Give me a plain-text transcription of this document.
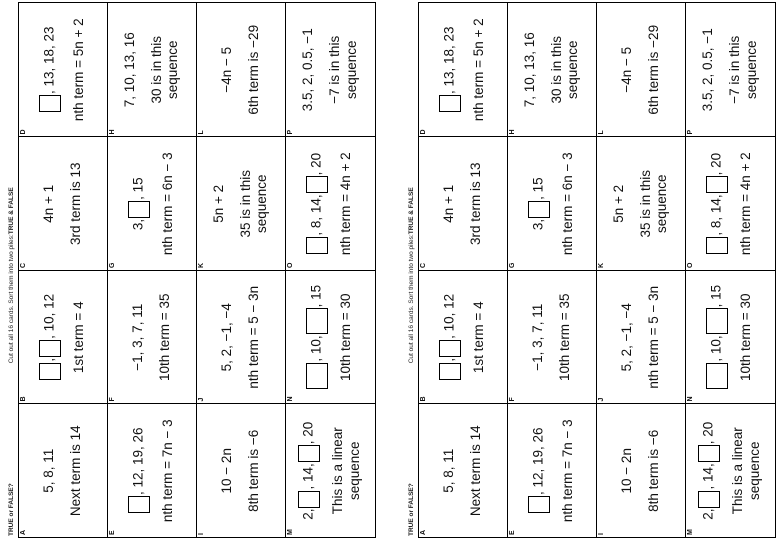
TRUE or FALSE?
Cut out all 16 cards. Sort them into two piles:
TRUE & FALSE
A
5, 8, 11 Next term is 14
B
,, 10, 12	1st term = 4
C
4n + 1 3rd term is 13
D
, 13, 18, 23	nth term = 5n + 2
E
, 12, 19, 26	nth term = 7n − 3
F
−1, 3, 7, 11 10th term = 35
G
3,, 15	nth term = 6n − 3
H
7, 10, 13, 16 30 is in this sequence
I
10 − 2n 8th term is −6
J
5, 2, −1, −4 nth term = 5 − 3n
K
5n + 2 35 is in this sequence
L
−4n − 5 6th term is −29
M
2,, 14,, 20	This is a linear sequence
N
, 10,, 15	10th term = 30
O
, 8, 14,, 20	nth term = 4n + 2
P
3.5, 2, 0.5, −1 −7 is in this sequence
TRUE or FALSE?
Cut out all 16 cards. Sort them into two piles:
TRUE & FALSE
A
5, 8, 11 Next term is 14
B
,, 10, 12	1st term = 4
C
4n + 1 3rd term is 13
D
, 13, 18, 23	nth term = 5n + 2
E
, 12, 19, 26	nth term = 7n − 3
F
−1, 3, 7, 11 10th term = 35
G
3,, 15	nth term = 6n − 3
H
7, 10, 13, 16 30 is in this sequence
I
10 − 2n 8th term is −6
J
5, 2, −1, −4 nth term = 5 − 3n
K
5n + 2 35 is in this sequence
L
−4n − 5 6th term is −29
M
2,, 14,, 20	This is a linear sequence
N
, 10,, 15	10th term = 30
O
, 8, 14,, 20	nth term = 4n + 2
P
3.5, 2, 0.5, −1 −7 is in this sequence
